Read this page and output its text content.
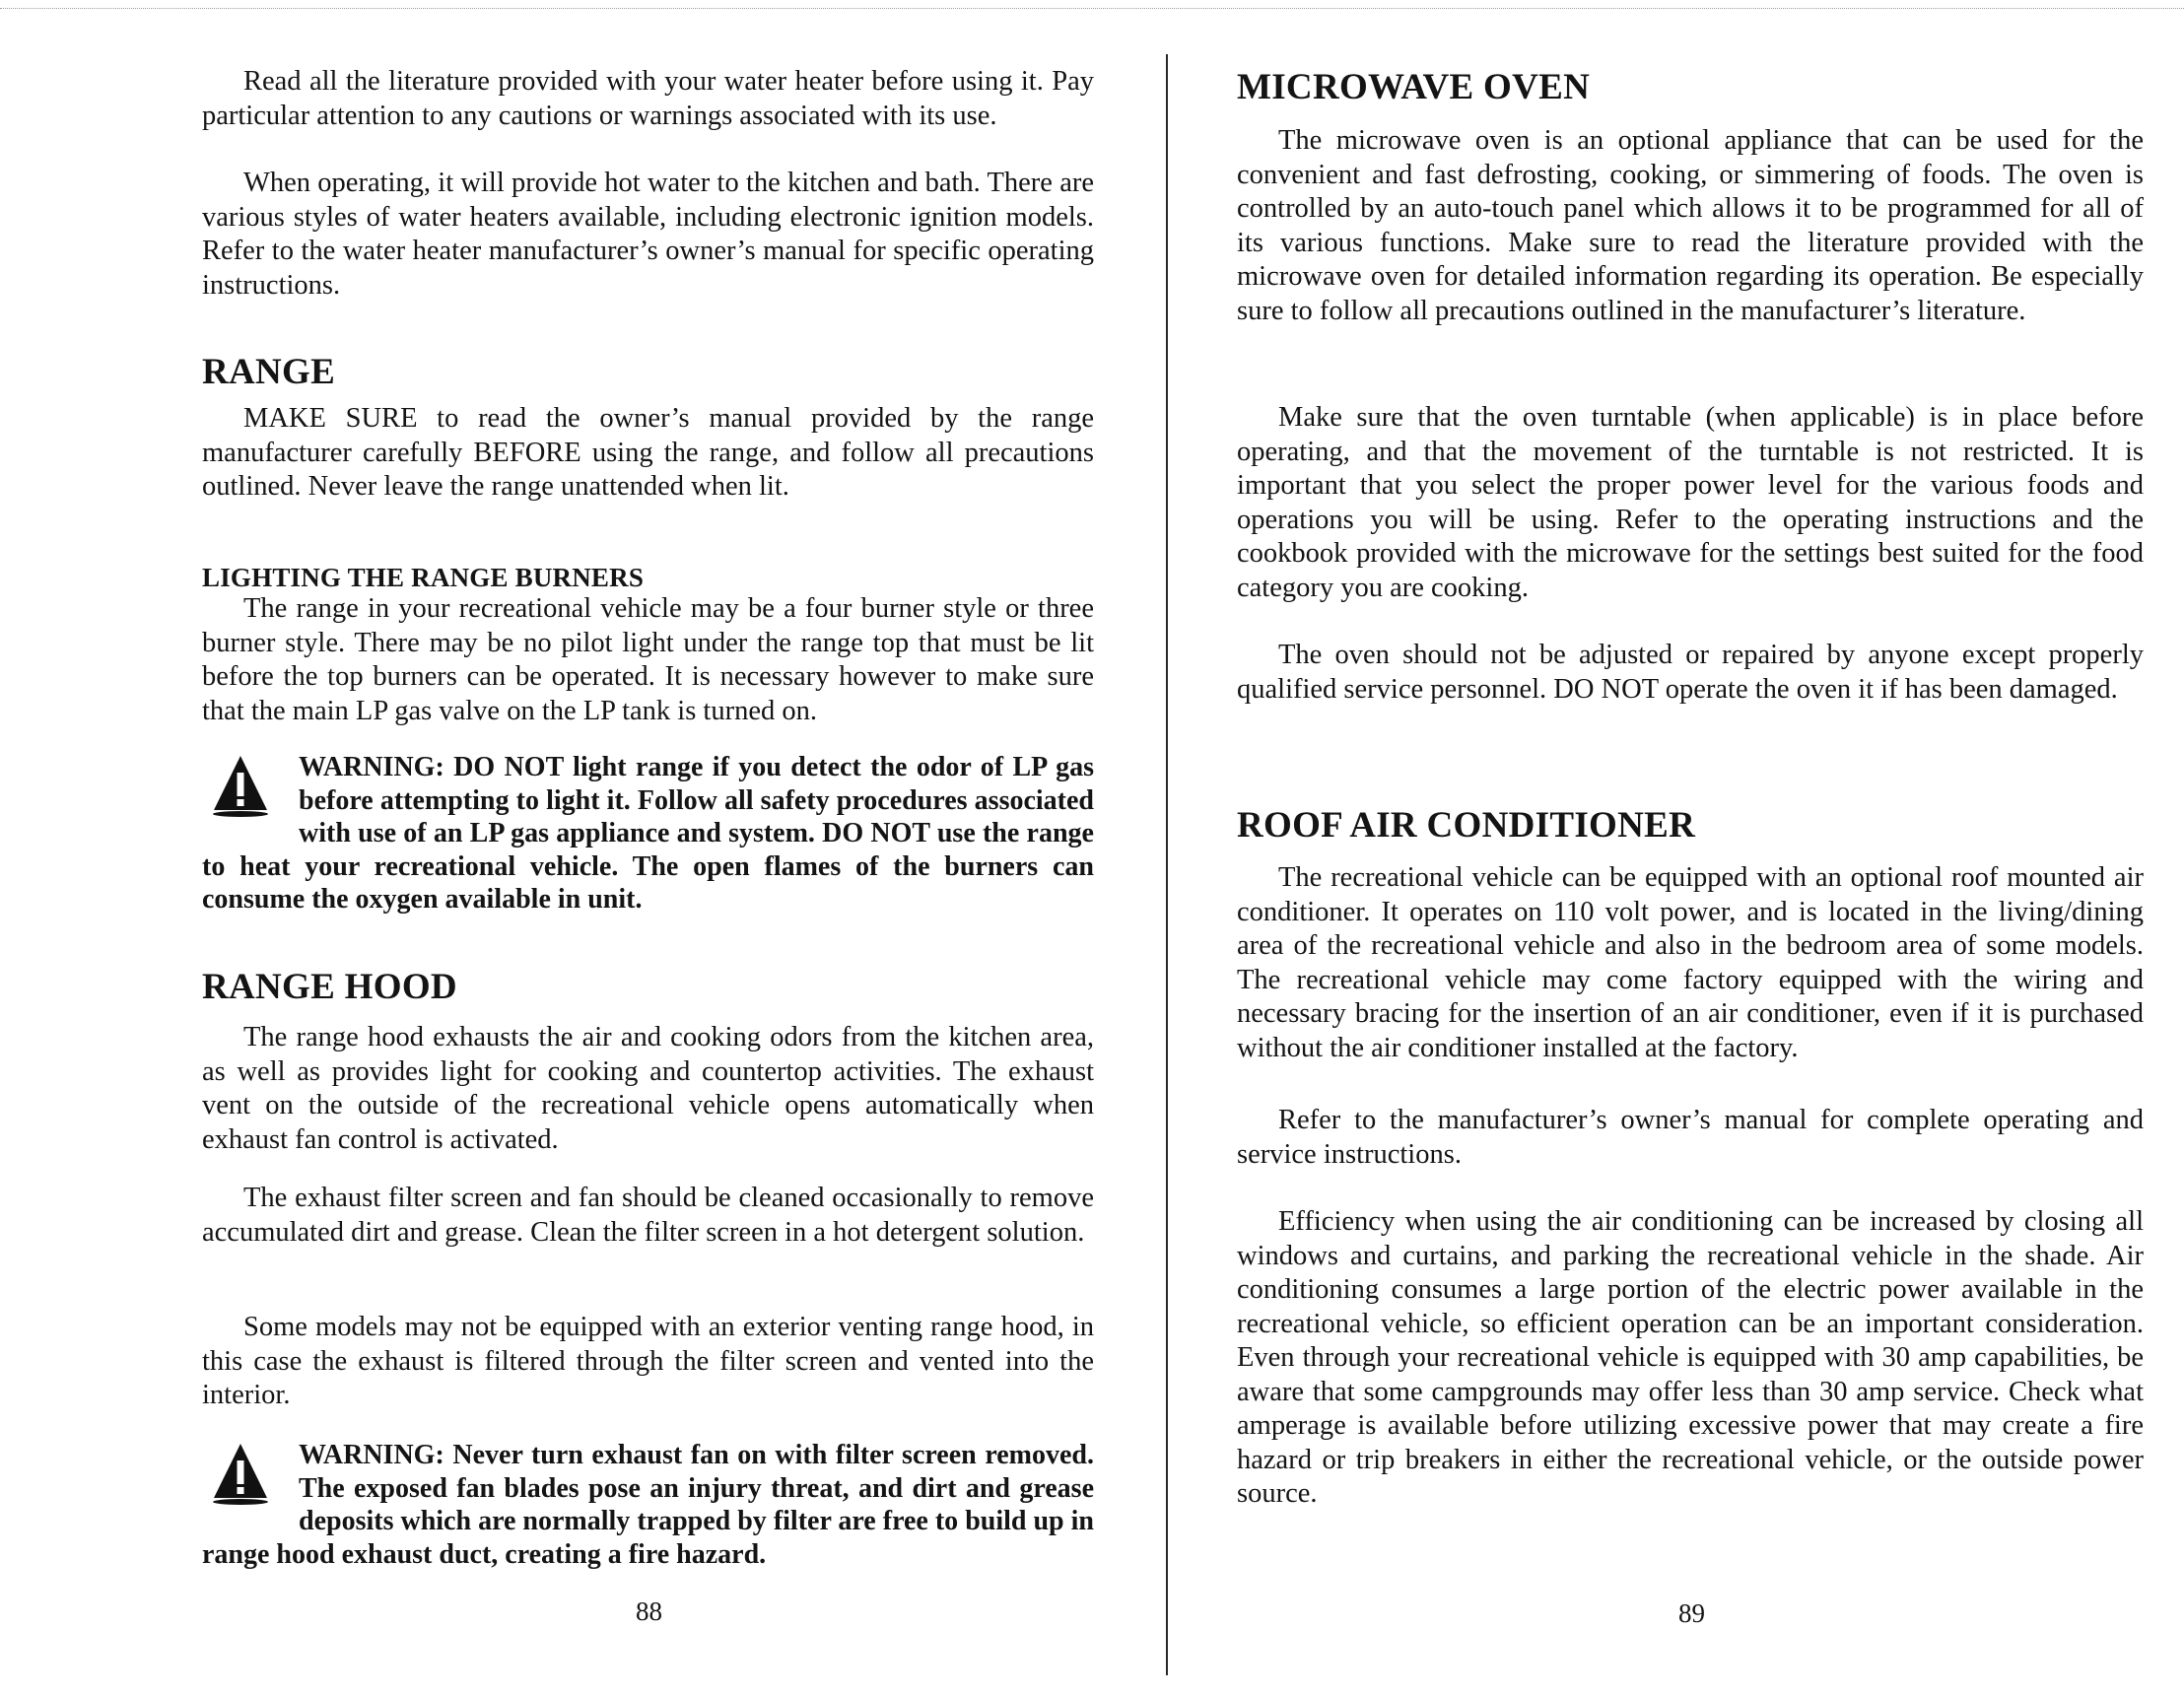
Read all the literature provided with your water heater before using it. Pay particular attention to any cautions or warnings associated with its use.

When operating, it will provide hot water to the kitchen and bath. There are various styles of water heaters available, including electronic ignition models. Refer to the water heater manufacturer’s owner’s manual for specific operating instructions.

RANGE

MAKE SURE to read the owner’s manual provided by the range manufacturer carefully BEFORE using the range, and follow all precautions outlined. Never leave the range unattended when lit.

LIGHTING THE RANGE BURNERS

The range in your recreational vehicle may be a four burner style or three burner style. There may be no pilot light under the range top that must be lit before the top burners can be operated. It is necessary however to make sure that the main LP gas valve on the LP tank is turned on.

WARNING: DO NOT light range if you detect the odor of LP gas before attempting to light it. Follow all safety procedures associated with use of an LP gas appliance and system. DO NOT use the range to heat your recreational vehicle. The open flames of the burners can consume the oxygen available in unit.

RANGE HOOD

The range hood exhausts the air and cooking odors from the kitchen area, as well as provides light for cooking and countertop activities. The exhaust vent on the outside of the recreational vehicle opens automatically when exhaust fan control is activated.

The exhaust filter screen and fan should be cleaned occasionally to remove accumulated dirt and grease. Clean the filter screen in a hot detergent solution.

Some models may not be equipped with an exterior venting range hood, in this case the exhaust is filtered through the filter screen and vented into the interior.

WARNING: Never turn exhaust fan on with filter screen removed. The exposed fan blades pose an injury threat, and dirt and grease deposits which are normally trapped by filter are free to build up in range hood exhaust duct, creating a fire hazard.

88
MICROWAVE OVEN

The microwave oven is an optional appliance that can be used for the convenient and fast defrosting, cooking, or simmering of foods. The oven is controlled by an auto-touch panel which allows it to be programmed for all of its various functions. Make sure to read the literature provided with the microwave oven for detailed information regarding its operation. Be especially sure to follow all precautions outlined in the manufacturer’s literature.

Make sure that the oven turntable (when applicable) is in place before operating, and that the movement of the turntable is not restricted. It is important that you select the proper power level for the various foods and operations you will be using. Refer to the operating instructions and the cookbook provided with the microwave for the settings best suited for the food category you are cooking.

The oven should not be adjusted or repaired by anyone except properly qualified service personnel. DO NOT operate the oven it if has been damaged.

ROOF AIR CONDITIONER

The recreational vehicle can be equipped with an optional roof mounted air conditioner. It operates on 110 volt power, and is located in the living/dining area of the recreational vehicle and also in the bedroom area of some models. The recreational vehicle may come factory equipped with the wiring and necessary bracing for the insertion of an air conditioner, even if it is purchased without the air conditioner installed at the factory.

Refer to the manufacturer’s owner’s manual for complete operating and service instructions.

Efficiency when using the air conditioning can be increased by closing all windows and curtains, and parking the recreational vehicle in the shade. Air conditioning consumes a large portion of the electric power available in the recreational vehicle, so efficient operation can be an important consideration. Even through your recreational vehicle is equipped with 30 amp capabilities, be aware that some campgrounds may offer less than 30 amp service. Check what amperage is available before utilizing excessive power that may create a fire hazard or trip breakers in either the recreational vehicle, or the outside power source.

89
